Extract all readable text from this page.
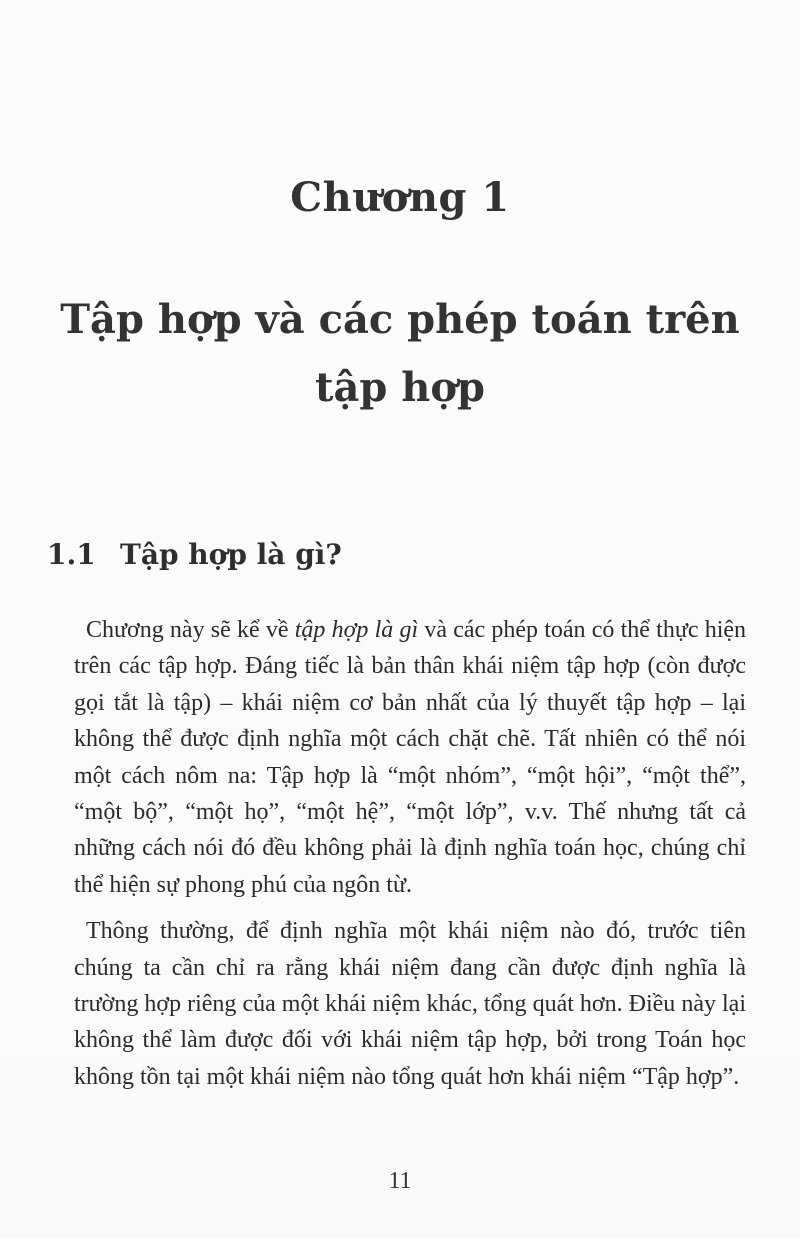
Chương 1
Tập hợp và các phép toán trên tập hợp
1.1 Tập hợp là gì?

Chương này sẽ kể về tập hợp là gì và các phép toán có thể thực hiện trên các tập hợp. Đáng tiếc là bản thân khái niệm tập hợp (còn được gọi tắt là tập) – khái niệm cơ bản nhất của lý thuyết tập hợp – lại không thể được định nghĩa một cách chặt chẽ. Tất nhiên có thể nói một cách nôm na: Tập hợp là “một nhóm”, “một hội”, “một thể”, “một bộ”, “một họ”, “một hệ”, “một lớp”, v.v. Thế nhưng tất cả những cách nói đó đều không phải là định nghĩa toán học, chúng chỉ thể hiện sự phong phú của ngôn từ.

Thông thường, để định nghĩa một khái niệm nào đó, trước tiên chúng ta cần chỉ ra rằng khái niệm đang cần được định nghĩa là trường hợp riêng của một khái niệm khác, tổng quát hơn. Điều này lại không thể làm được đối với khái niệm tập hợp, bởi trong Toán học không tồn tại một khái niệm nào tổng quát hơn khái niệm “Tập hợp”.

11
